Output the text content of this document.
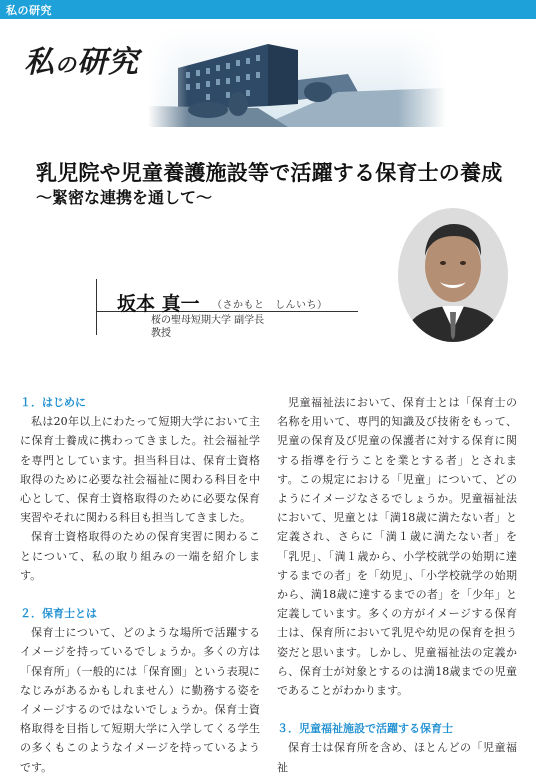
私の研究
私の研究
乳児院や児童養護施設等で活躍する保育士の養成
〜緊密な連携を通して〜
坂本 真一 （さかもと　しんいち）
桜の聖母短期大学 副学長
教授
１．はじめに

私は20年以上にわたって短期大学において主に保育士養成に携わってきました。社会福祉学を専門としています。担当科目は、保育士資格取得のために必要な社会福祉に関わる科目を中心として、保育士資格取得のために必要な保育実習やそれに関わる科目も担当してきました。

保育士資格取得のための保育実習に関わることについて、私の取り組みの一端を紹介します。

２．保育士とは

保育士について、どのような場所で活躍するイメージを持っているでしょうか。多くの方は「保育所」（一般的には「保育園」という表現になじみがあるかもしれません）に勤務する姿をイメージするのではないでしょうか。保育士資格取得を目指して短期大学に入学してくる学生の多くもこのようなイメージを持っているようです。

児童福祉法において、保育士とは「保育士の名称を用いて、専門的知識及び技術をもって、児童の保育及び児童の保護者に対する保育に関する指導を行うことを業とする者」とされます。この規定における「児童」について、どのようにイメージなさるでしょうか。児童福祉法において、児童とは「満18歳に満たない者」と定義され、さらに「満１歳に満たない者」を「乳児」、「満１歳から、小学校就学の始期に達するまでの者」を「幼児」、「小学校就学の始期から、満18歳に達するまでの者」を「少年」と定義しています。多くの方がイメージする保育士は、保育所において乳児や幼児の保育を担う姿だと思います。しかし、児童福祉法の定義から、保育士が対象とするのは満18歳までの児童であることがわかります。

３．児童福祉施設で活躍する保育士

保育士は保育所を含め、ほとんどの「児童福祉
